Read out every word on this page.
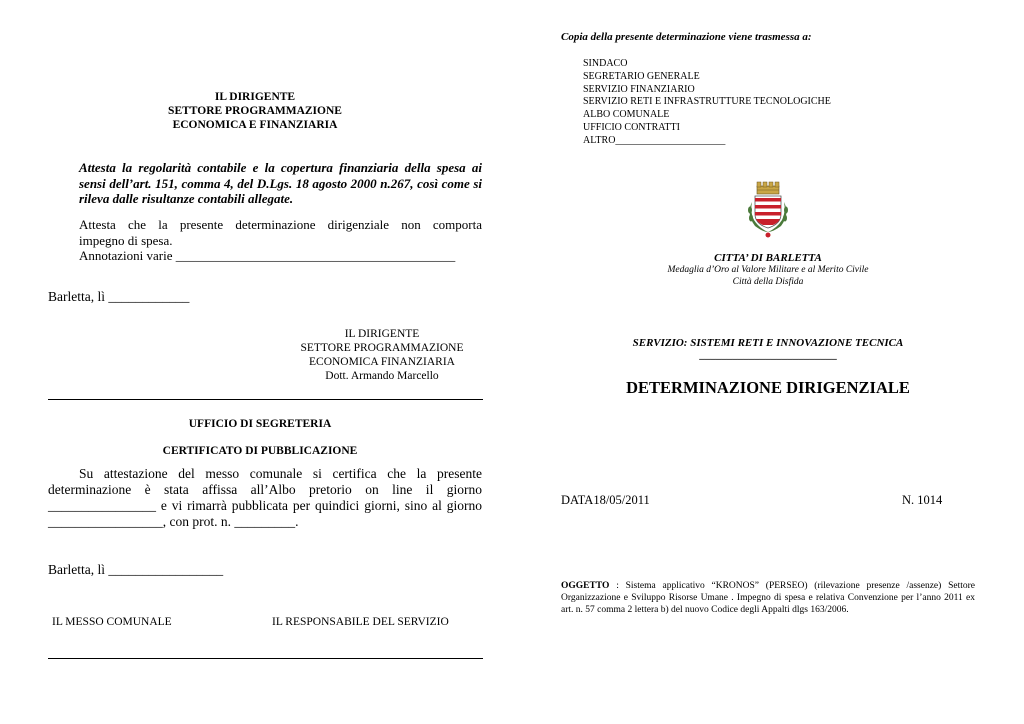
IL DIRIGENTE
SETTORE PROGRAMMAZIONE
ECONOMICA E FINANZIARIA
Attesta la regolarità contabile e la copertura finanziaria della spesa ai sensi dell’art. 151, comma 4, del D.Lgs. 18 agosto 2000 n.267, così come si rileva dalle risultanze contabili allegate.
Attesta che la presente determinazione dirigenziale non comporta
impegno di spesa.
Annotazioni varie ___________________________________________
Barletta, lì ____________
IL DIRIGENTE
SETTORE PROGRAMMAZIONE
ECONOMICA FINANZIARIA
Dott. Armando Marcello
UFFICIO DI SEGRETERIA
CERTIFICATO DI PUBBLICAZIONE
Su attestazione del messo comunale si certifica che la presente
determinazione è stata affissa all’Albo pretorio on line il giorno
________________ e vi rimarrà pubblicata per quindici giorni, sino al giorno
_________________, con prot. n. _________.
Barletta, lì _________________
IL MESSO COMUNALE	IL RESPONSABILE DEL SERVIZIO
Copia della presente determinazione viene trasmessa a:
SINDACO
SEGRETARIO GENERALE
SERVIZIO FINANZIARIO
SERVIZIO RETI E INFRASTRUTTURE TECNOLOGICHE
ALBO COMUNALE
UFFICIO CONTRATTI
ALTRO______________________
CITTA’ DI BARLETTA
Medaglia d’Oro al Valore Militare e al Merito Civile
Città della Disfida
SERVIZIO: SISTEMI RETI E INNOVAZIONE TECNICA
_________________________
DETERMINAZIONE DIRIGENZIALE
DATA18/05/2011	N. 1014
OGGETTO : Sistema applicativo “KRONOS” (PERSEO) (rilevazione presenze /assenze) Settore Organizzazione e Sviluppo Risorse Umane . Impegno di spesa e relativa Convenzione per l’anno 2011 ex art. n. 57 comma 2 lettera b) del nuovo Codice degli Appalti dlgs 163/2006.
